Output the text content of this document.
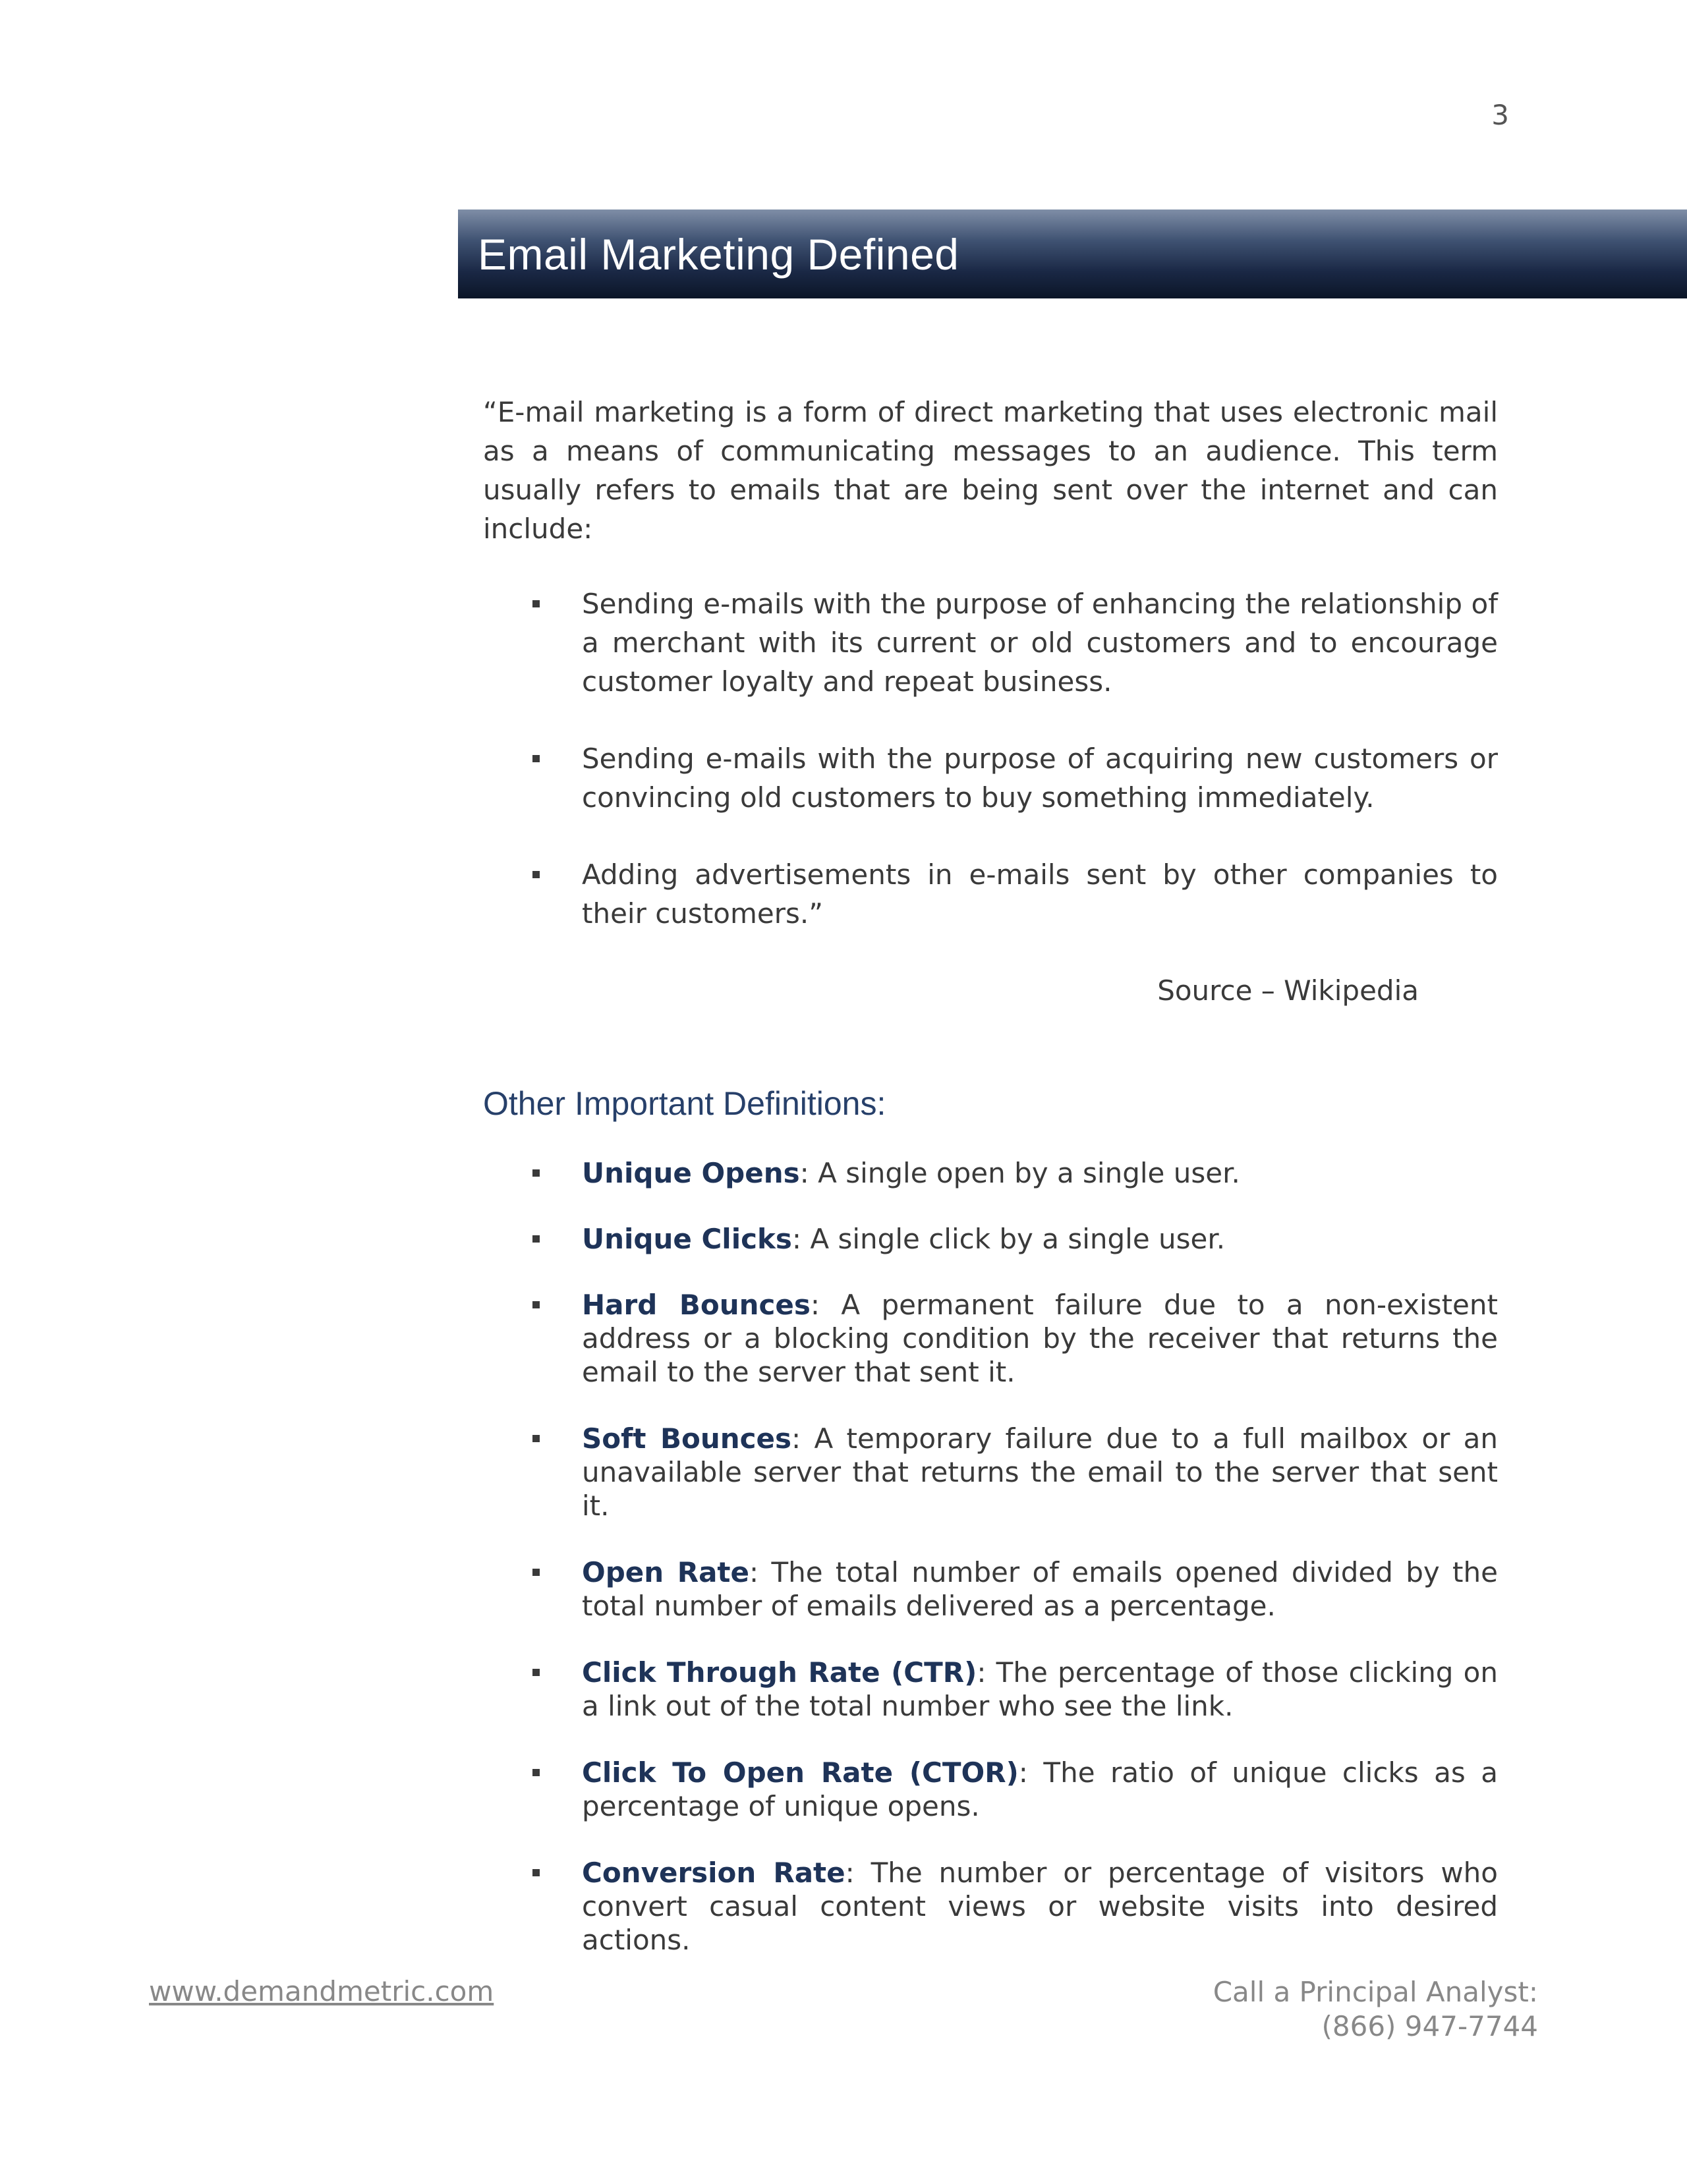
3
Email Marketing Defined

“E-mail marketing is a form of direct marketing that uses electronic mail as a means of communicating messages to an audience. This term usually refers to emails that are being sent over the internet and can include:

Sending e-mails with the purpose of enhancing the relationship of a merchant with its current or old customers and to encourage customer loyalty and repeat business.
Sending e-mails with the purpose of acquiring new customers or convincing old customers to buy something immediately.
Adding advertisements in e-mails sent by other companies to their customers.”
Source – Wikipedia
Other Important Definitions:
Unique Opens: A single open by a single user.
Unique Clicks: A single click by a single user.
Hard Bounces: A permanent failure due to a non-existent address or a blocking condition by the receiver that returns the email to the server that sent it.
Soft Bounces: A temporary failure due to a full mailbox or an unavailable server that returns the email to the server that sent it.
Open Rate: The total number of emails opened divided by the total number of emails delivered as a percentage.
Click Through Rate (CTR): The percentage of those clicking on a link out of the total number who see the link.
Click To Open Rate (CTOR): The ratio of unique clicks as a percentage of unique opens.
Conversion Rate: The number or percentage of visitors who convert casual content views or website visits into desired actions.
www.demandmetric.com	Call a Principal Analyst:
(866) 947-7744
